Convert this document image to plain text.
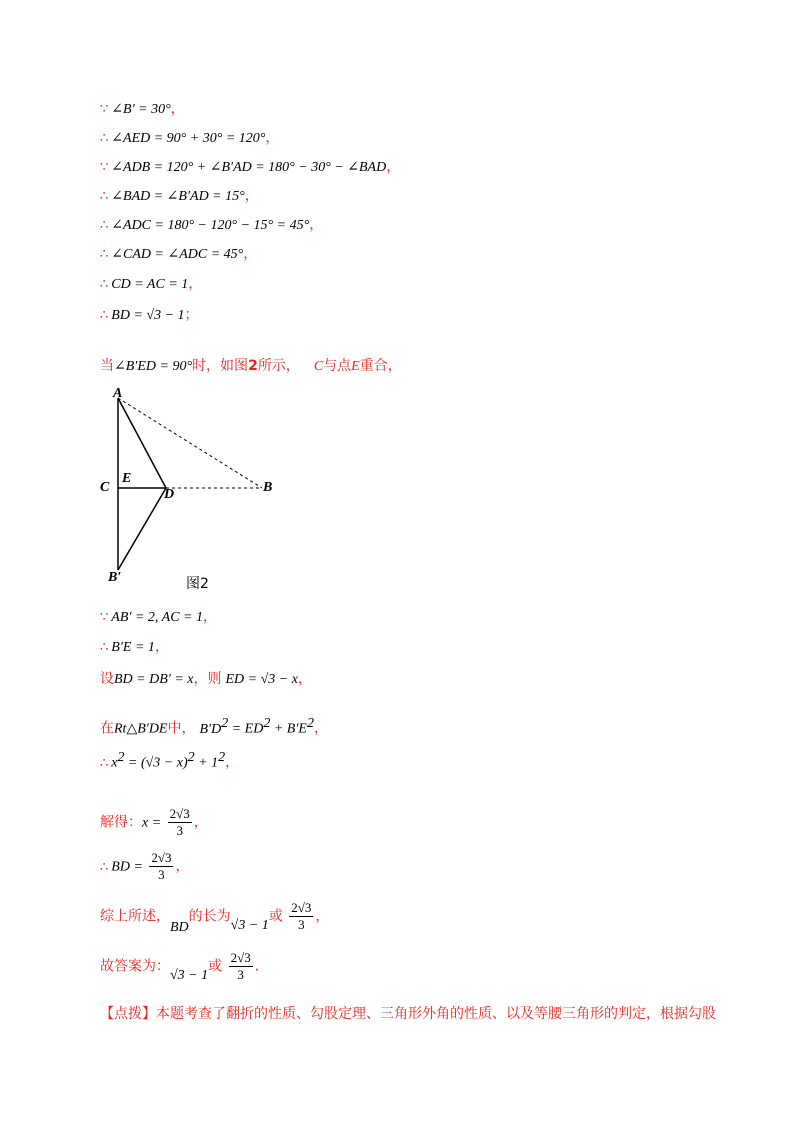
∵ ∠B′ = 30°，
∴ ∠AED = 90° + 30° = 120°，
∵ ∠ADB = 120° + ∠B′AD = 180° − 30° − ∠BAD，
∴ ∠BAD = ∠B′AD = 15°，
∴ ∠ADC = 180° − 120° − 15° = 45°，
∴ ∠CAD = ∠ADC = 45°，
∴ CD = AC = 1，
∴ BD = √3 − 1；
当∠B′ED = 90°时，如图2所示， C与点E重合，
A
C
E
D	B
B′	图2
∵ AB′ = 2, AC = 1，
∴ B′E = 1，
设BD = DB′ = x，则 ED = √3 − x，
在Rt△B′DE中， $B'D^2 = ED^2 + B'E^2$，
∴ $x^2 = (√3 - x)^2 + 1^2$，
解得：$x = \frac{2√3}{3}$ ，
∴ BD = $\frac{2√3}{3}$ ，
综上所述，BD的长为√3 − 1或 $\frac{2√3}{3}$ ，
故答案为：√3 − 1或 $\frac{2√3}{3}$ ．
【点拨】本题考查了翻折的性质、勾股定理、三角形外角的性质、以及等腰三角形的判定，根据勾股
